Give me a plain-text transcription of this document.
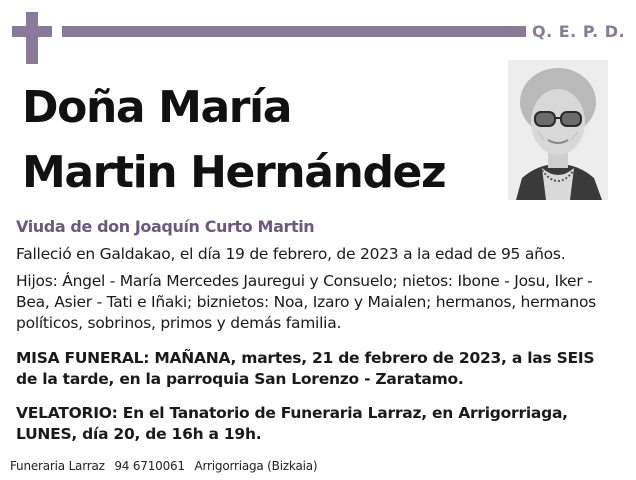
Q. E. P. D.
Doña María
Martin Hernández
Viuda de don Joaquín Curto Martin
Falleció en Galdakao, el día 19 de febrero, de 2023 a la edad de 95 años.
Hijos: Ángel - María Mercedes Jauregui y Consuelo; nietos: Ibone - Josu, Iker - Bea, Asier - Tati e Iñaki; biznietos: Noa, Izaro y Maialen; hermanos, hermanos políticos, sobrinos, primos y demás familia.
MISA FUNERAL: MAÑANA, martes, 21 de febrero de 2023, a las SEIS de la tarde, en la parroquia San Lorenzo - Zaratamo.
VELATORIO: En el Tanatorio de Funeraria Larraz, en Arrigorriaga, LUNES, día 20, de 16h a 19h.
Funeraria Larraz 94 6710061 Arrigorriaga (Bizkaia)
